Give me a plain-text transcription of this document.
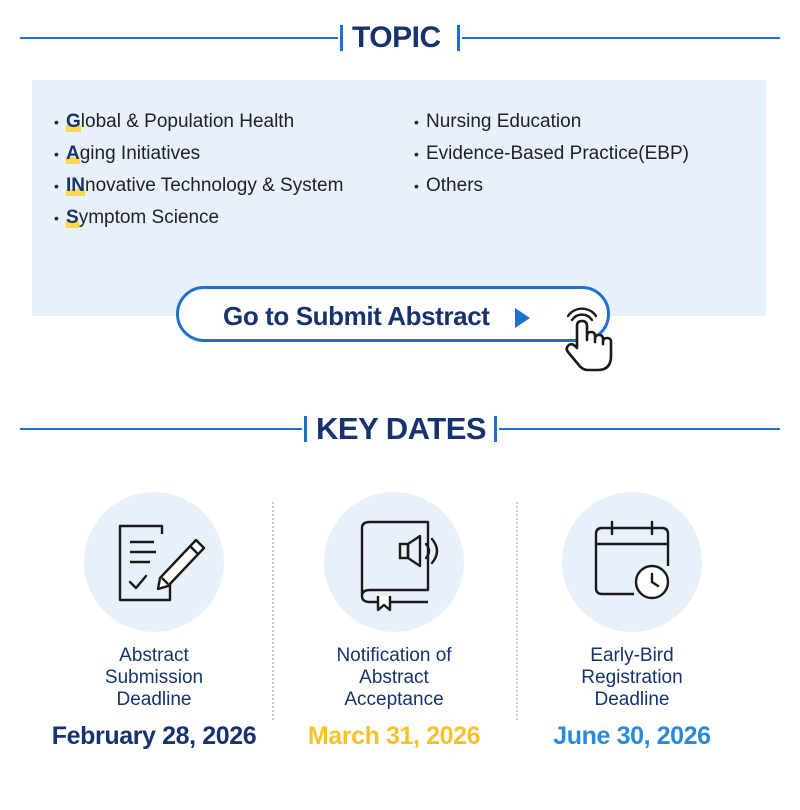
TOPIC
• Global & Population Health
• Aging Initiatives
• INnovative Technology & System
• Symptom Science
• Nursing Education
• Evidence-Based Practice(EBP)
• Others
Go to Submit Abstract
KEY DATES
Abstract
Submission
Deadline
February 28, 2026
Notification of
Abstract
Acceptance
March 31, 2026
Early-Bird
Registration
Deadline
June 30, 2026
